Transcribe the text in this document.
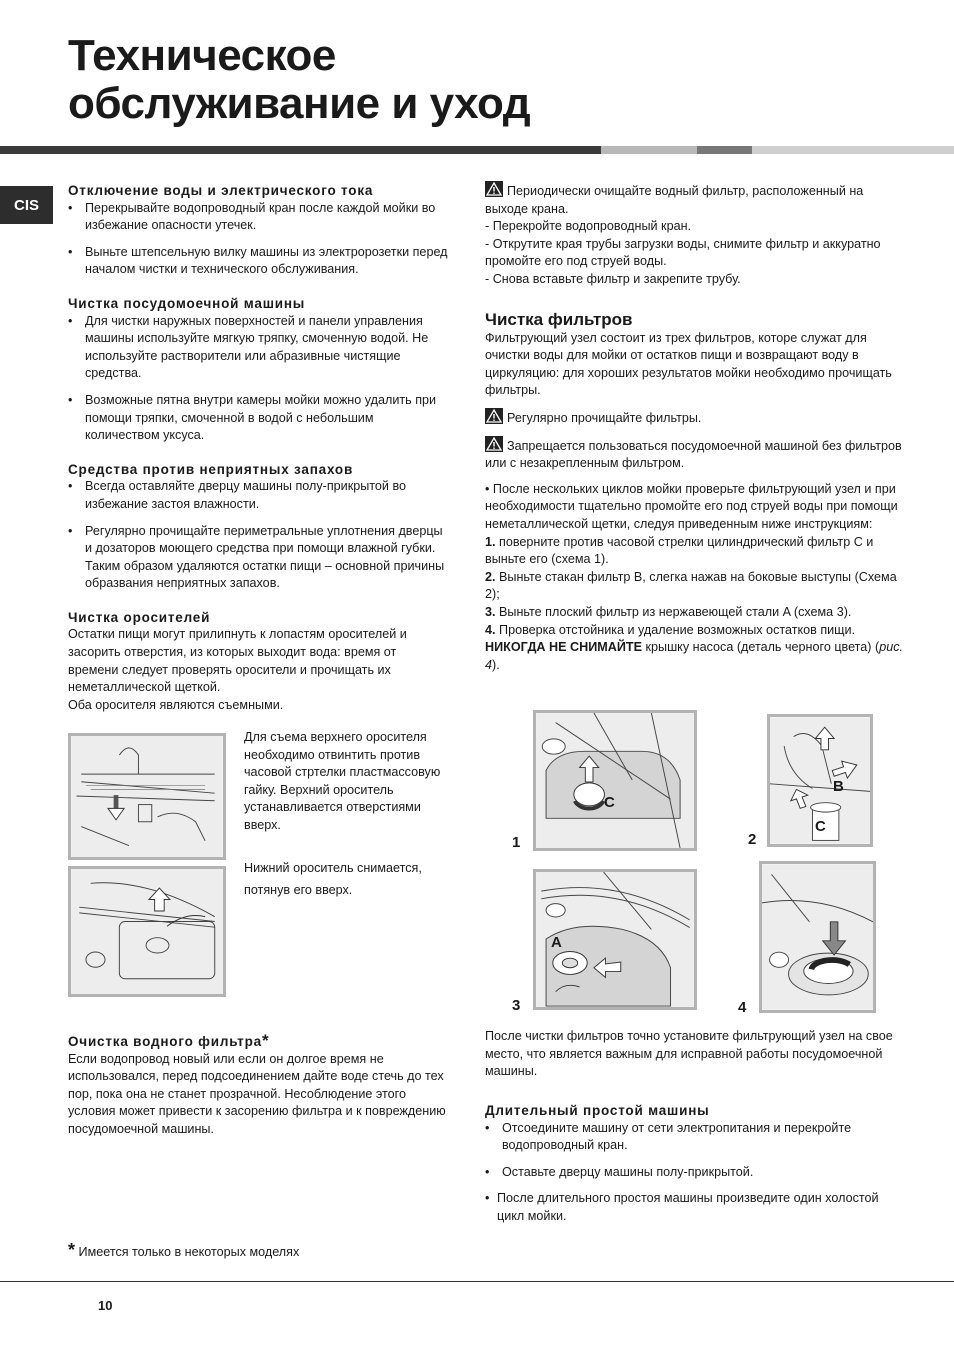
Техническое
обслуживание и уход
CIS

Отключение воды и электрического тока

• Перекрывайте водопроводный кран после каждой мойки во избежание опасности утечек.
• Выньте штепсельную вилку машины из электророзетки перед началом чистки и технического обслуживания.

Чистка посудомоечной машины

• Для чистки наружных поверхностей и панели управления машины используйте мягкую тряпку, смоченную водой. Не используйте растворители или абразивные чистящие средства.
• Возможные пятна внутри камеры мойки можно удалить при помощи тряпки, смоченной в водой с небольшим количеством уксуса.

Средства против неприятных запахов

• Всегда оставляйте дверцу машины полу-прикрытой во избежание застоя влажности.
• Регулярно прочищайте периметральные уплотнения дверцы и дозаторов моющего средства при помощи влажной губки. Таким образом удаляются остатки пищи – основной причины образвания неприятных запахов.

Чистка оросителей

Остатки пищи могут прилипнуть к лопастям оросителей и засорить отверстия, из которых выходит вода: время от времени следует проверять оросители и прочищать их неметаллической щеткой.
Оба оросителя являются съемными.
Для съема верхнего оросителя необходимо отвинтить против часовой стртелки пластмассовую гайку. Верхний ороситель устанавливается отверстиями вверх.
Нижний ороситель снимается, потянув его вверх.

Очистка водного фильтра*

Если водопровод новый или если он долгое время не использовался, перед подсоединением дайте воде стечь до тех пор, пока она не станет прозрачной. Несоблюдение этого условия может привести к засорению фильтра и к повреждению посудомоечной машины.
* Имеется только в некоторых моделях
Периодически очищайте водный фильтр, расположенный на выходе крана.
- Перекройте водопроводный кран.
- Открутите края трубы загрузки воды, снимите фильтр и аккуратно промойте его под струей воды.
- Снова вставьте фильтр и закрепите трубу.

Чистка фильтров

Фильтрующий узел состоит из трех фильтров, которе служат для очистки воды для мойки от остатков пищи и возвращают воду в циркуляцию: для хороших результатов мойки необходимо прочищать фильтры.
Регулярно прочищайте фильтры.
Запрещается пользоваться посудомоечной машиной без фильтров или с незакрепленным фильтром.
• После нескольких циклов мойки проверьте фильтрующий узел и при необходимости тщательно промойте его под струей воды при помощи неметаллической щетки, следуя приведенным ниже инструкциям:
1. поверните против часовой стрелки цилиндрический фильтр C и выньте его (схема 1).
2. Выньте стакан фильтр B, слегка нажав на боковые выступы (Схема 2);
3. Выньте плоский фильтр из нержавеющей стали A (схема 3).
4. Проверка отстойника и удаление возможных остатков пищи.
НИКОГДА НЕ СНИМАЙТЕ крышку насоса (деталь черного цвета) (рис. 4).
1	2
3	4
C
B
C
A
После чистки фильтров точно установите фильтрующий узел на свое место, что является важным для исправной работы посудомоечной машины.

Длительный простой машины

• Отсоедините машину от сети электропитания и перекройте водопроводный кран.
• Оставьте дверцу машины полу-прикрытой.
• После длительного простоя машины произведите один холостой цикл мойки.
10
